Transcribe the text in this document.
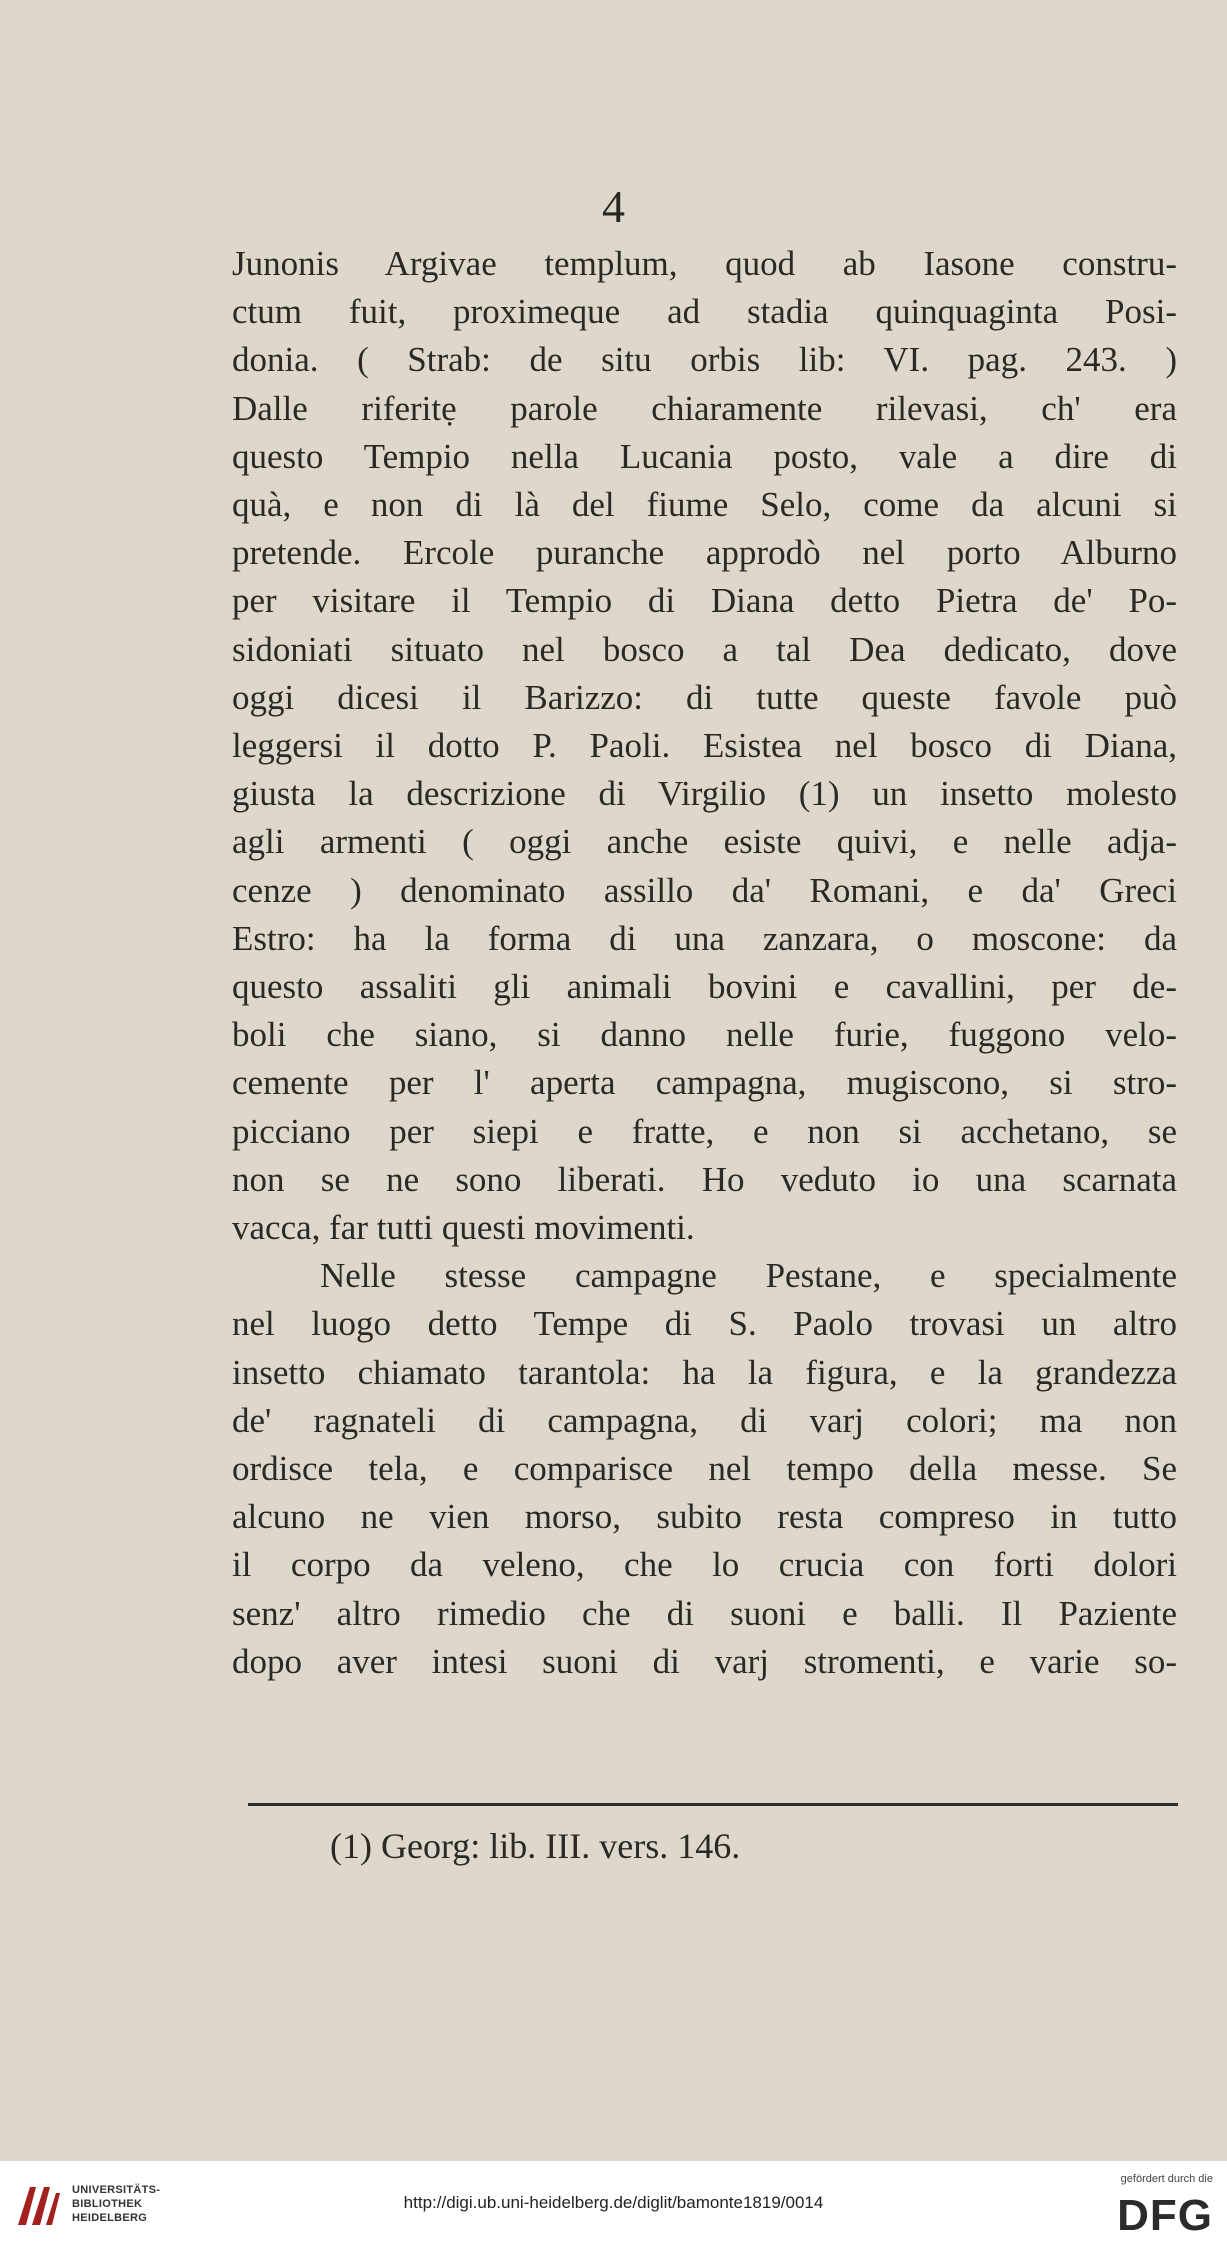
4
Junonis Argivae templum, quod ab Iasone constru-
ctum fuit, proximeque ad stadia quinquaginta Posi-
donia. ( Strab: de situ orbis lib: VI. pag. 243. )
Dalle riferitẹ parole chiaramente rilevasi, ch' era
questo Tempio nella Lucania posto, vale a dire di
quà, e non di là del fiume Selo, come da alcuni si
pretende. Ercole puranche approdò nel porto Alburno
per visitare il Tempio di Diana detto Pietra de' Po-
sidoniati situato nel bosco a tal Dea dedicato, dove
oggi dicesi il Barizzo: di tutte queste favole può
leggersi il dotto P. Paoli. Esistea nel bosco di Diana,
giusta la descrizione di Virgilio (1) un insetto molesto
agli armenti ( oggi anche esiste quivi, e nelle adja-
cenze ) denominato assillo da' Romani, e da' Greci
Estro: ha la forma di una zanzara, o moscone: da
questo assaliti gli animali bovini e cavallini, per de-
boli che siano, si danno nelle furie, fuggono velo-
cemente per l' aperta campagna, mugiscono, si stro-
picciano per siepi e fratte, e non si acchetano, se
non se ne sono liberati. Ho veduto io una scarnata
vacca, far tutti questi movimenti.
Nelle stesse campagne Pestane, e specialmente
nel luogo detto Tempe di S. Paolo trovasi un altro
insetto chiamato tarantola: ha la figura, e la grandezza
de' ragnateli di campagna, di varj colori; ma non
ordisce tela, e comparisce nel tempo della messe. Se
alcuno ne vien morso, subito resta compreso in tutto
il corpo da veleno, che lo crucia con forti dolori
senz' altro rimedio che di suoni e balli. Il Paziente
dopo aver intesi suoni di varj stromenti, e varie so-
(1) Georg: lib. III. vers. 146.
UNIVERSITÄTS-
BIBLIOTHEK
HEIDELBERG
http://digi.ub.uni-heidelberg.de/diglit/bamonte1819/0014
gefördert durch die
DFG
